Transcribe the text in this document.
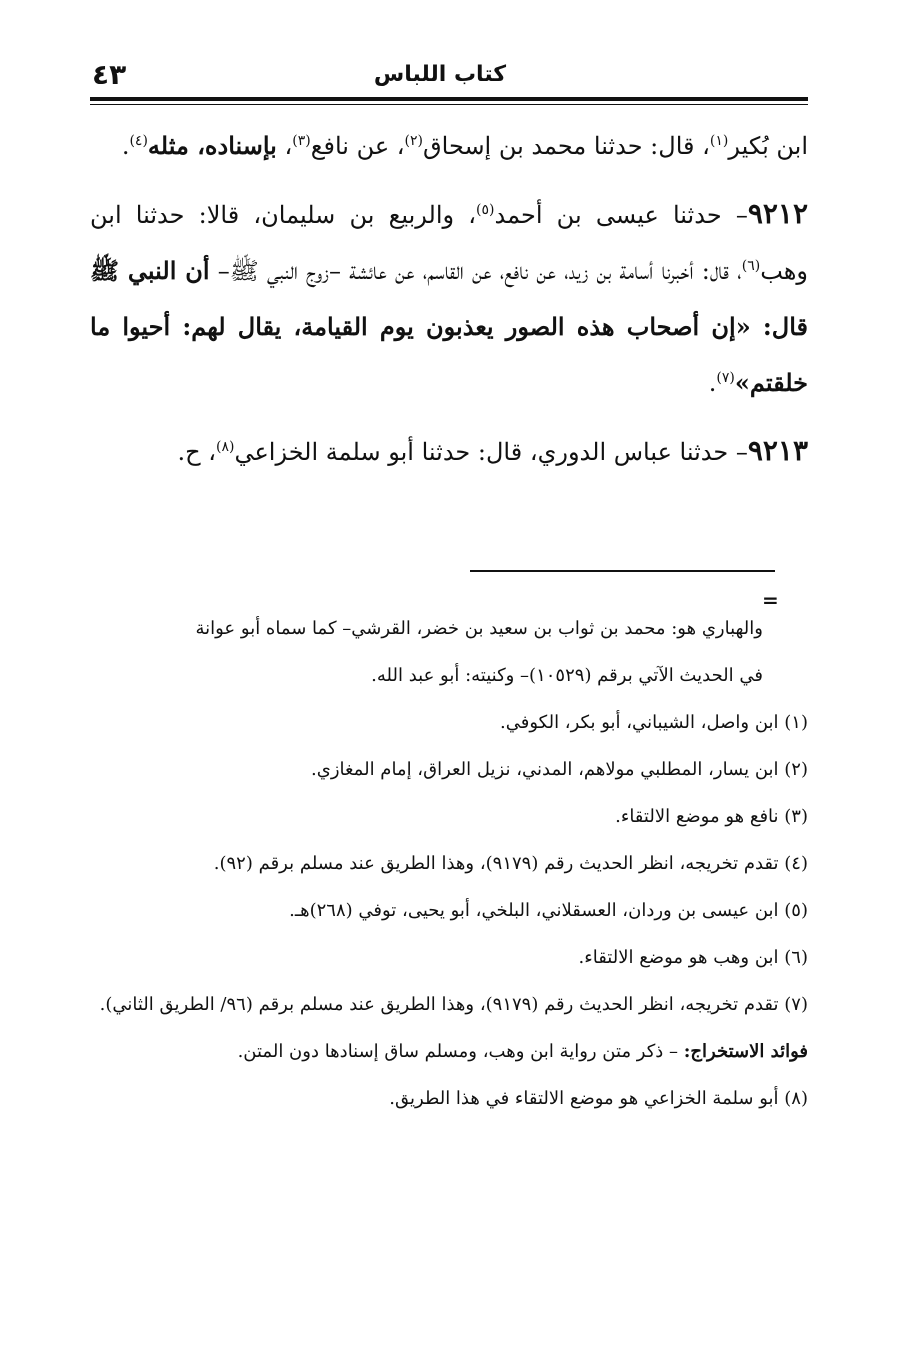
٤٣	كتاب اللباس

ابن بُكير$^{(١)}$، قال: حدثنا محمد بن إسحاق$^{(٢)}$، عن نافع$^{(٣)}$، بإسناده، مثله$^{(٤)}$.

٩٢١٢– حدثنا عيسى بن أحمد$^{(٥)}$، والربيع بن سليمان، قالا: حدثنا ابن وهب$^{(٦)}$، قال: أخبرنا أسامة بن زيد، عن نافع، عن القاسم، عن عائشة –زوج النبي ﷺ– أن النبي ﷺ قال: «إن أصحاب هذه الصور يعذبون يوم القيامة، يقال لهم: أحيوا ما خلقتم»$^{(٧)}$.

٩٢١٣– حدثنا عباس الدوري، قال: حدثنا أبو سلمة الخزاعي$^{(٨)}$، ح.

=

والهباري هو: محمد بن ثواب بن سعيد بن خضر، القرشي– كما سماه أبو عوانة

في الحديث الآتي برقم (١٠٥٢٩)– وكنيته: أبو عبد الله.

(١) ابن واصل، الشيباني، أبو بكر، الكوفي.

(٢) ابن يسار، المطلبي مولاهم، المدني، نزيل العراق، إمام المغازي.

(٣) نافع هو موضع الالتقاء.

(٤) تقدم تخريجه، انظر الحديث رقم (٩١٧٩)، وهذا الطريق عند مسلم برقم (٩٢).

(٥) ابن عيسى بن وردان، العسقلاني، البلخي، أبو يحيى، توفي (٢٦٨)هـ.

(٦) ابن وهب هو موضع الالتقاء.

(٧) تقدم تخريجه، انظر الحديث رقم (٩١٧٩)، وهذا الطريق عند مسلم برقم (٩٦/ الطريق الثاني).

فوائد الاستخراج: – ذكر متن رواية ابن وهب، ومسلم ساق إسنادها دون المتن.

(٨) أبو سلمة الخزاعي هو موضع الالتقاء في هذا الطريق.
